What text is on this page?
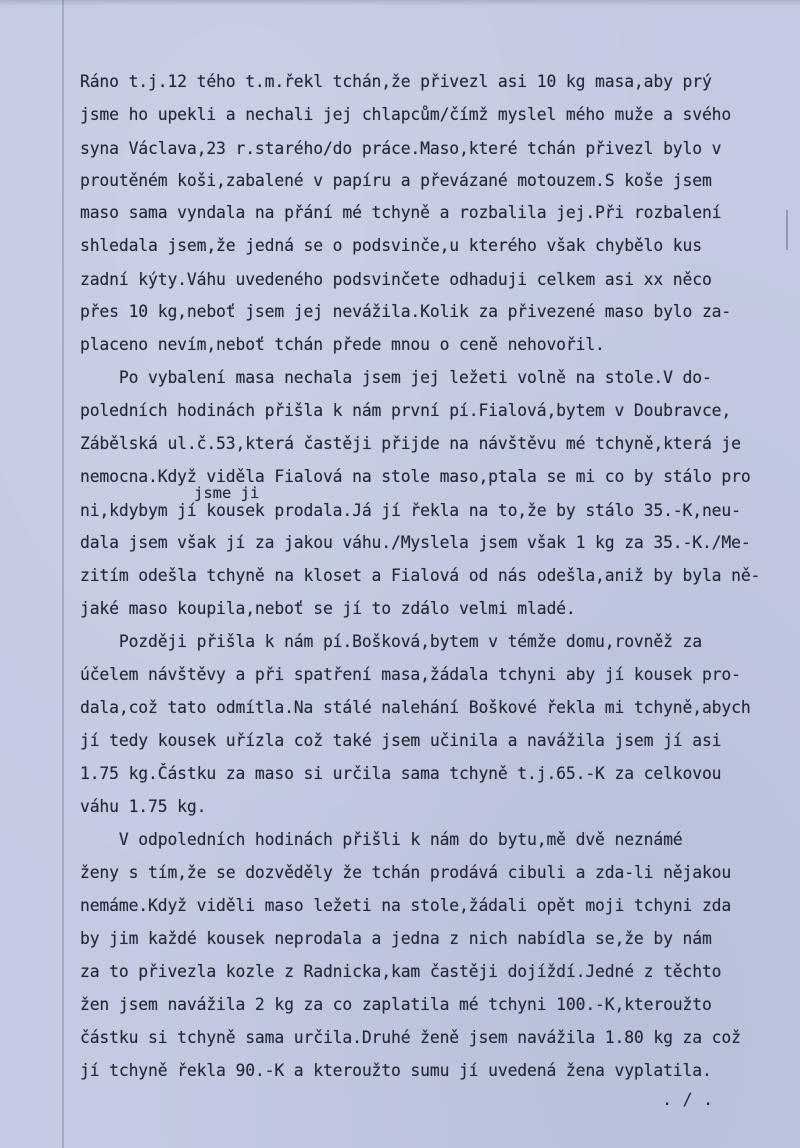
Ráno t.j.12 tého t.m.řekl tchán,že přivezl asi 10 kg masa,aby prý
jsme ho upekli a nechali jej chlapcům/čímž myslel mého muže a svého
syna Václava,23 r.starého/do práce.Maso,které tchán přivezl bylo v
proutěném koši,zabalené v papíru a převázané motouzem.S koše jsem
maso sama vyndala na přání mé tchyně a rozbalila jej.Při rozbalení
shledala jsem,že jedná se o podsvinče,u kterého však chybělo kus
zadní kýty.Váhu uvedeného podsvinčete odhaduji celkem asi xx něco
přes 10 kg,neboť jsem jej nevážila.Kolik za přivezené maso bylo za-
placeno nevím,neboť tchán přede mnou o ceně nehovořil.
Po vybalení masa nechala jsem jej ležeti volně na stole.V do-
poledních hodinách přišla k nám první pí.Fialová,bytem v Doubravce,
Zábělská ul.č.53,která častěji přijde na návštěvu mé tchyně,která je
nemocna.Když viděla Fialová na stole maso,ptala se mi co by stálo pro
jsme ji
ni,kdybym jí kousek prodala.Já jí řekla na to,že by stálo 35.-K,neu-
dala jsem však jí za jakou váhu./Myslela jsem však 1 kg za 35.-K./Me-
zitím odešla tchyně na kloset a Fialová od nás odešla,aniž by byla ně-
jaké maso koupila,neboť se jí to zdálo velmi mladé.
Později přišla k nám pí.Bošková,bytem v témže domu,rovněž za
účelem návštěvy a při spatření masa,žádala tchyni aby jí kousek pro-
dala,což tato odmítla.Na stálé nalehání Boškové řekla mi tchyně,abych
jí tedy kousek uřízla což také jsem učinila a navážila jsem jí asi
1.75 kg.Částku za maso si určila sama tchyně t.j.65.-K za celkovou
váhu 1.75 kg.
V odpoledních hodinách přišli k nám do bytu,mě dvě neznámé
ženy s tím,že se dozvěděly že tchán prodává cibuli a zda-li nějakou
nemáme.Když viděli maso ležeti na stole,žádali opět moji tchyni zda
by jim každé kousek neprodala a jedna z nich nabídla se,že by nám
za to přivezla kozle z Radnicka,kam častěji dojíždí.Jedné z těchto
žen jsem navážila 2 kg za co zaplatila mé tchyni 100.-K,kteroužto
částku si tchyně sama určila.Druhé ženě jsem navážila 1.80 kg za což
jí tchyně řekla 90.-K a kteroužto sumu jí uvedená žena vyplatila.
. / .
